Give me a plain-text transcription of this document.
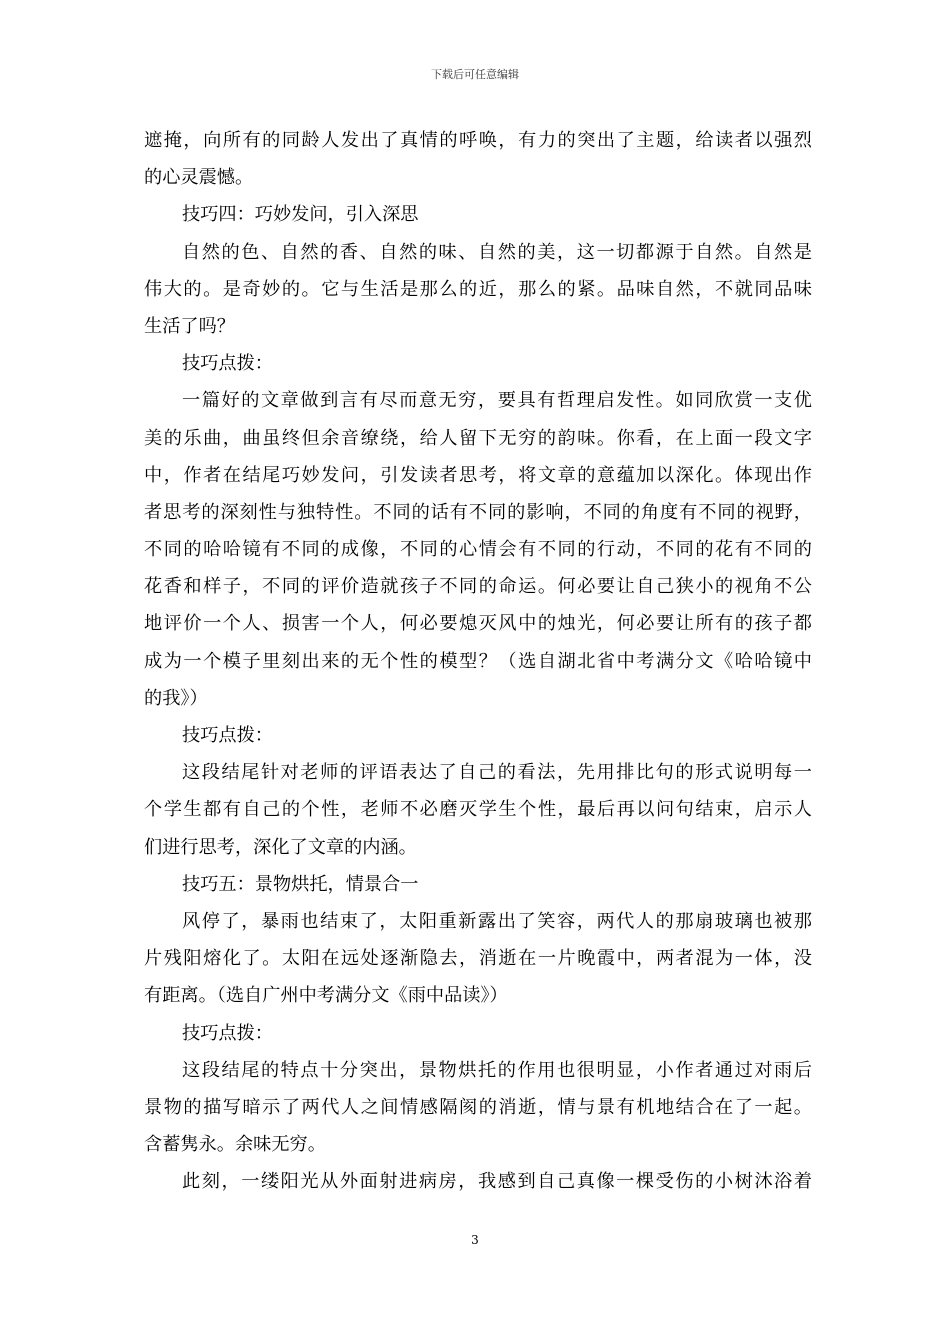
下载后可任意编辑
遮掩，向所有的同龄人发出了真情的呼唤，有力的突出了主题，给读者以强烈
的心灵震憾。
技巧四：巧妙发问，引入深思
自然的色、自然的香、自然的味、自然的美，这一切都源于自然。自然是
伟大的。是奇妙的。它与生活是那么的近，那么的紧。品味自然，不就同品味
生活了吗？
技巧点拨：
一篇好的文章做到言有尽而意无穷，要具有哲理启发性。如同欣赏一支优
美的乐曲，曲虽终但余音缭绕，给人留下无穷的韵味。你看，在上面一段文字
中，作者在结尾巧妙发问，引发读者思考，将文章的意蕴加以深化。体现出作
者思考的深刻性与独特性。不同的话有不同的影响，不同的角度有不同的视野，
不同的哈哈镜有不同的成像，不同的心情会有不同的行动，不同的花有不同的
花香和样子，不同的评价造就孩子不同的命运。何必要让自己狭小的视角不公
地评价一个人、损害一个人，何必要熄灭风中的烛光，何必要让所有的孩子都
成为一个模子里刻出来的无个性的模型？（选自湖北省中考满分文《哈哈镜中
的我》）
技巧点拨：
这段结尾针对老师的评语表达了自己的看法，先用排比句的形式说明每一
个学生都有自己的个性，老师不必磨灭学生个性，最后再以问句结束，启示人
们进行思考，深化了文章的内涵。
技巧五：景物烘托，情景合一
风停了，暴雨也结束了，太阳重新露出了笑容，两代人的那扇玻璃也被那
片残阳熔化了。太阳在远处逐渐隐去，消逝在一片晚霞中，两者混为一体，没
有距离。（选自广州中考满分文《雨中品读》）
技巧点拨：
这段结尾的特点十分突出，景物烘托的作用也很明显，小作者通过对雨后
景物的描写暗示了两代人之间情感隔阂的消逝，情与景有机地结合在了一起。
含蓄隽永。余味无穷。
此刻，一缕阳光从外面射进病房，我感到自己真像一棵受伤的小树沐浴着
3
